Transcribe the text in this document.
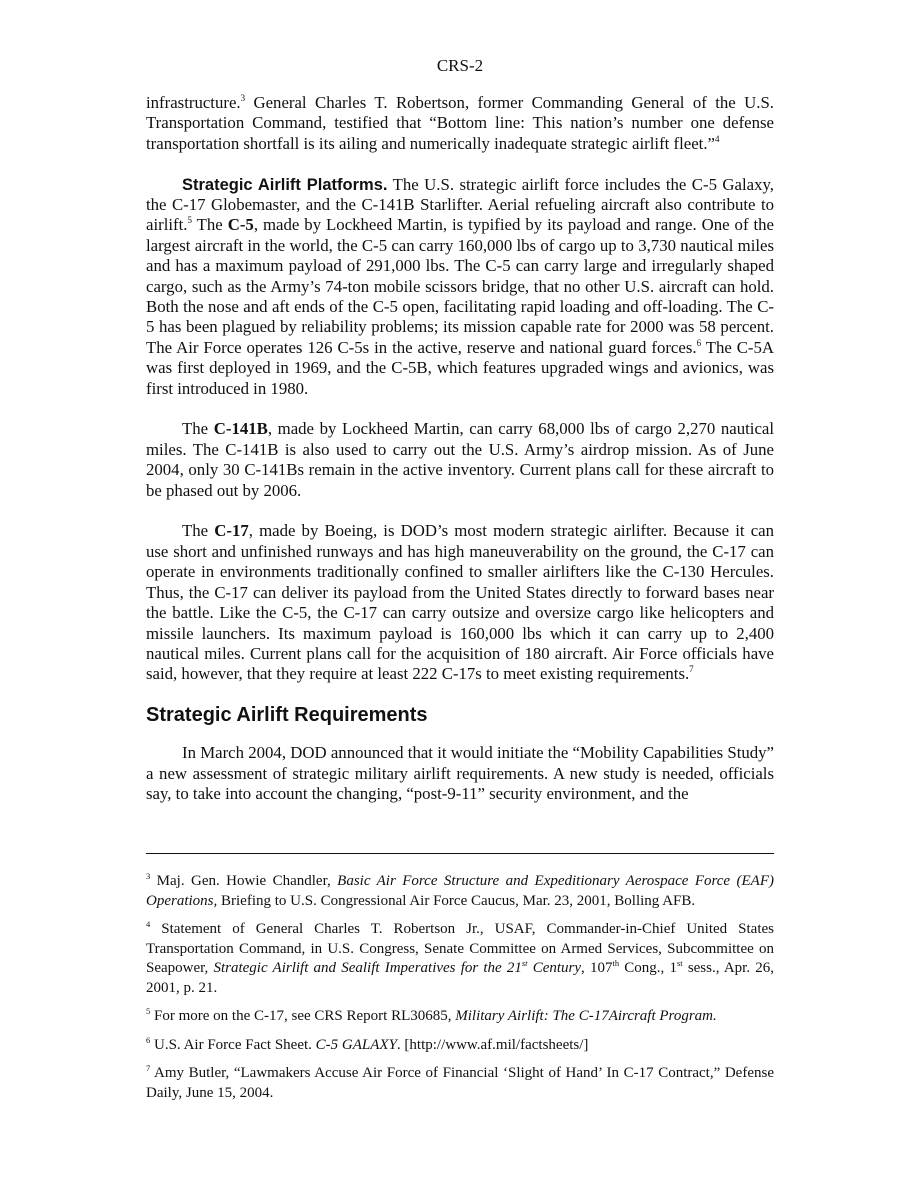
CRS-2

infrastructure.$^3$ General Charles T. Robertson, former Commanding General of the U.S. Transportation Command, testified that “Bottom line: This nation’s number one defense transportation shortfall is its ailing and numerically inadequate strategic airlift fleet.”$^4$

Strategic Airlift Platforms. The U.S. strategic airlift force includes the C-5 Galaxy, the C-17 Globemaster, and the C-141B Starlifter. Aerial refueling aircraft also contribute to airlift.$^5$ The C-5, made by Lockheed Martin, is typified by its payload and range. One of the largest aircraft in the world, the C-5 can carry 160,000 lbs of cargo up to 3,730 nautical miles and has a maximum payload of 291,000 lbs. The C-5 can carry large and irregularly shaped cargo, such as the Army’s 74-ton mobile scissors bridge, that no other U.S. aircraft can hold. Both the nose and aft ends of the C-5 open, facilitating rapid loading and off-loading. The C-5 has been plagued by reliability problems; its mission capable rate for 2000 was 58 percent. The Air Force operates 126 C-5s in the active, reserve and national guard forces.$^6$ The C-5A was first deployed in 1969, and the C-5B, which features upgraded wings and avionics, was first introduced in 1980.

The C-141B, made by Lockheed Martin, can carry 68,000 lbs of cargo 2,270 nautical miles. The C-141B is also used to carry out the U.S. Army’s airdrop mission. As of June 2004, only 30 C-141Bs remain in the active inventory. Current plans call for these aircraft to be phased out by 2006.

The C-17, made by Boeing, is DOD’s most modern strategic airlifter. Because it can use short and unfinished runways and has high maneuverability on the ground, the C-17 can operate in environments traditionally confined to smaller airlifters like the C-130 Hercules. Thus, the C-17 can deliver its payload from the United States directly to forward bases near the battle. Like the C-5, the C-17 can carry outsize and oversize cargo like helicopters and missile launchers. Its maximum payload is 160,000 lbs which it can carry up to 2,400 nautical miles. Current plans call for the acquisition of 180 aircraft. Air Force officials have said, however, that they require at least 222 C-17s to meet existing requirements.$^7$

Strategic Airlift Requirements

In March 2004, DOD announced that it would initiate the “Mobility Capabilities Study” a new assessment of strategic military airlift requirements. A new study is needed, officials say, to take into account the changing, “post-9-11” security environment, and the

$^3$ Maj. Gen. Howie Chandler, Basic Air Force Structure and Expeditionary Aerospace Force (EAF) Operations, Briefing to U.S. Congressional Air Force Caucus, Mar. 23, 2001, Bolling AFB.

$^4$ Statement of General Charles T. Robertson Jr., USAF, Commander-in-Chief United States Transportation Command, in U.S. Congress, Senate Committee on Armed Services, Subcommittee on Seapower, Strategic Airlift and Sealift Imperatives for the 21st Century, 107th Cong., 1st sess., Apr. 26, 2001, p. 21.

$^5$ For more on the C-17, see CRS Report RL30685, Military Airlift: The C-17Aircraft Program.

$^6$ U.S. Air Force Fact Sheet. C-5 GALAXY. [http://www.af.mil/factsheets/]

$^7$ Amy Butler, “Lawmakers Accuse Air Force of Financial ‘Slight of Hand’ In C-17 Contract,” Defense Daily, June 15, 2004.
